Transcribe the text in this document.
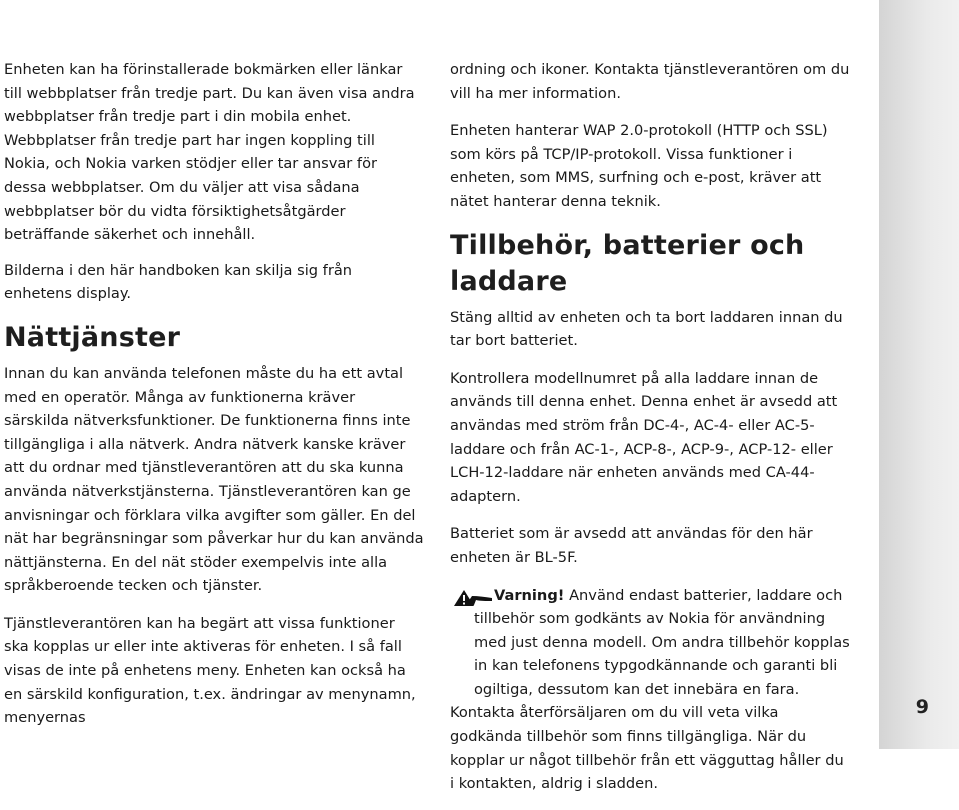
Enheten kan ha förinstallerade bokmärken eller länkar till webbplatser från tredje part. Du kan även visa andra webbplatser från tredje part i din mobila enhet. Webbplatser från tredje part har ingen koppling till Nokia, och Nokia varken stödjer eller tar ansvar för dessa webbplatser. Om du väljer att visa sådana webbplatser bör du vidta försiktighetsåtgärder beträffande säkerhet och innehåll.

Bilderna i den här handboken kan skilja sig från enhetens display.

Nättjänster

Innan du kan använda telefonen måste du ha ett avtal med en operatör. Många av funktionerna kräver särskilda nätverksfunktioner. De funktionerna finns inte tillgängliga i alla nätverk. Andra nätverk kanske kräver att du ordnar med tjänstleverantören att du ska kunna använda nätverkstjänsterna. Tjänstleverantören kan ge anvisningar och förklara vilka avgifter som gäller. En del nät har begränsningar som påverkar hur du kan använda nättjänsterna. En del nät stöder exempelvis inte alla språkberoende tecken och tjänster.

Tjänstleverantören kan ha begärt att vissa funktioner ska kopplas ur eller inte aktiveras för enheten. I så fall visas de inte på enhetens meny. Enheten kan också ha en särskild konfiguration, t.ex. ändringar av menynamn, menyernas

ordning och ikoner. Kontakta tjänstleverantören om du vill ha mer information.

Enheten hanterar WAP 2.0-protokoll (HTTP och SSL) som körs på TCP/IP-protokoll. Vissa funktioner i enheten, som MMS, surfning och e-post, kräver att nätet hanterar denna teknik.

Tillbehör, batterier och laddare

Stäng alltid av enheten och ta bort laddaren innan du tar bort batteriet.

Kontrollera modellnumret på alla laddare innan de används till denna enhet. Denna enhet är avsedd att användas med ström från DC-4-, AC-4- eller AC-5-laddare och från AC-1-, ACP-8-, ACP-9-, ACP-12- eller LCH-12-laddare när enheten används med CA-44-adaptern.

Batteriet som är avsedd att användas för den här enheten är BL-5F.

Varning! Använd endast batterier, laddare och tillbehör som godkänts av Nokia för användning med just denna modell. Om andra tillbehör kopplas in kan telefonens typgodkännande och garanti bli ogiltiga, dessutom kan det innebära en fara.

Kontakta återförsäljaren om du vill veta vilka godkända tillbehör som finns tillgängliga. När du kopplar ur något tillbehör från ett vägguttag håller du i kontakten, aldrig i sladden.

9
